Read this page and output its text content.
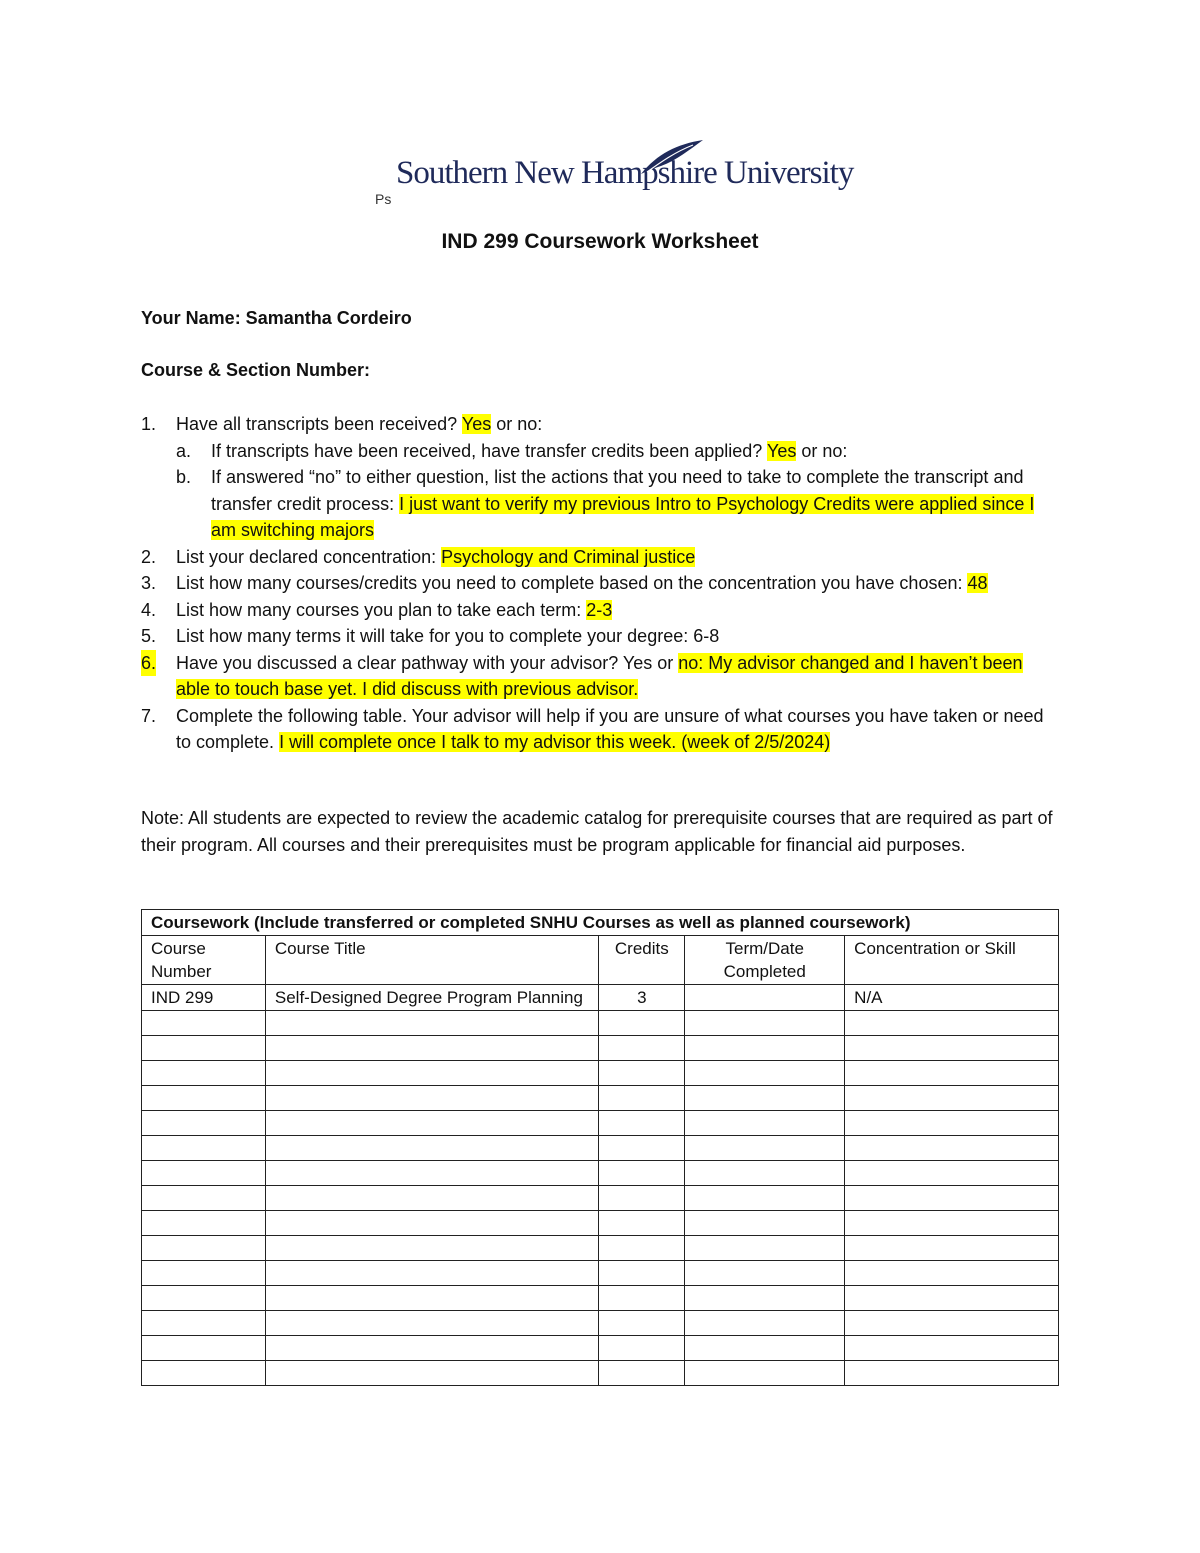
Ps
Southern New Hampshire University
IND 299 Coursework Worksheet
Your Name: Samantha Cordeiro
Course & Section Number:
1. Have all transcripts been received? Yes or no:
a. If transcripts have been received, have transfer credits been applied? Yes or no:
b. If answered “no” to either question, list the actions that you need to take to complete the transcript and transfer credit process: I just want to verify my previous Intro to Psychology Credits were applied since I am switching majors
2. List your declared concentration: Psychology and Criminal justice
3. List how many courses/credits you need to complete based on the concentration you have chosen: 48
4. List how many courses you plan to take each term: 2-3
5. List how many terms it will take for you to complete your degree: 6-8
6. Have you discussed a clear pathway with your advisor? Yes or no: My advisor changed and I haven’t been able to touch base yet. I did discuss with previous advisor.
7. Complete the following table. Your advisor will help if you are unsure of what courses you have taken or need to complete. I will complete once I talk to my advisor this week. (week of 2/5/2024)
Note: All students are expected to review the academic catalog for prerequisite courses that are required as part of their program. All courses and their prerequisites must be program applicable for financial aid purposes.
Coursework (Include transferred or completed SNHU Courses as well as planned coursework)				
Course Number	Course Title	Credits	Term/Date Completed	Concentration or Skill
IND 299	Self-Designed Degree Program Planning	3		N/A
